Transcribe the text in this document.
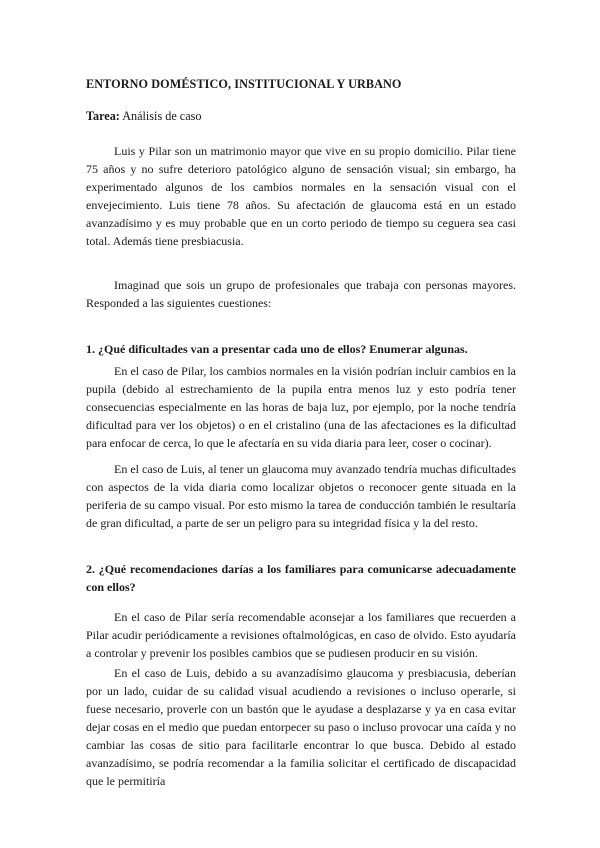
ENTORNO DOMÉSTICO, INSTITUCIONAL Y URBANO
Tarea: Análisis de caso

Luis y Pilar son un matrimonio mayor que vive en su propio domicilio. Pilar tiene 75 años y no sufre deterioro patológico alguno de sensación visual; sin embargo, ha experimentado algunos de los cambios normales en la sensación visual con el envejecimiento. Luis tiene 78 años. Su afectación de glaucoma está en un estado avanzadísimo y es muy probable que en un corto periodo de tiempo su ceguera sea casi total. Además tiene presbiacusia.

Imaginad que sois un grupo de profesionales que trabaja con personas mayores. Responded a las siguientes cuestiones:

1. ¿Qué dificultades van a presentar cada uno de ellos? Enumerar algunas.

En el caso de Pilar, los cambios normales en la visión podrían incluir cambios en la pupila (debido al estrechamiento de la pupila entra menos luz y esto podría tener consecuencias especialmente en las horas de baja luz, por ejemplo, por la noche tendría dificultad para ver los objetos) o en el cristalino (una de las afectaciones es la dificultad para enfocar de cerca, lo que le afectaría en su vida diaria para leer, coser o cocinar).

En el caso de Luis, al tener un glaucoma muy avanzado tendría muchas dificultades con aspectos de la vida diaria como localizar objetos o reconocer gente situada en la periferia de su campo visual. Por esto mismo la tarea de conducción también le resultaría de gran dificultad, a parte de ser un peligro para su integridad física y la del resto.

2. ¿Qué recomendaciones darías a los familiares para comunicarse adecuadamente con ellos?

En el caso de Pilar sería recomendable aconsejar a los familiares que recuerden a Pilar acudir periódicamente a revisiones oftalmológicas, en caso de olvido. Esto ayudaría a controlar y prevenir los posibles cambios que se pudiesen producir en su visión.

En el caso de Luis, debido a su avanzadísimo glaucoma y presbiacusia, deberían por un lado, cuidar de su calidad visual acudiendo a revisiones o incluso operarle, si fuese necesario, proverle con un bastón que le ayudase a desplazarse y ya en casa evitar dejar cosas en el medio que puedan entorpecer su paso o incluso provocar una caída y no cambiar las cosas de sitio para facilitarle encontrar lo que busca. Debido al estado avanzadísimo, se podría recomendar a la familia solicitar el certificado de discapacidad que le permitiría
